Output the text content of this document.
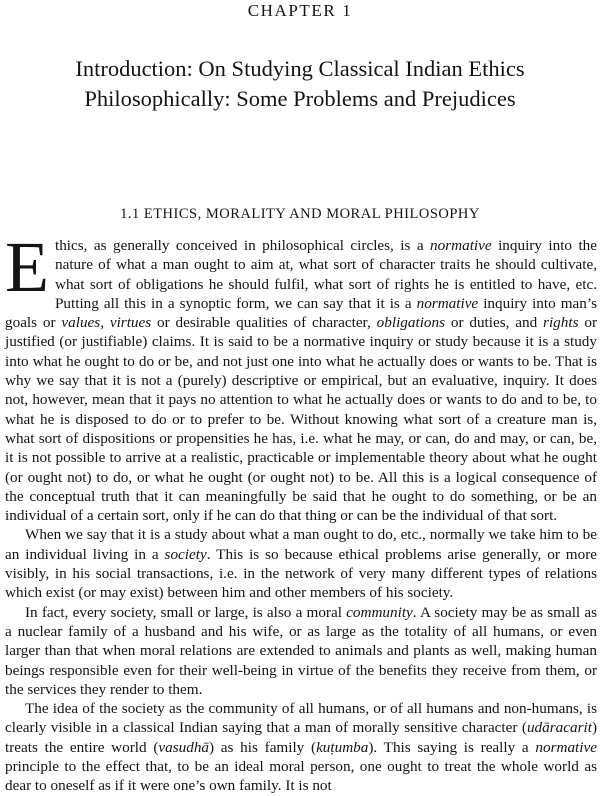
CHAPTER 1
Introduction: On Studying Classical Indian Ethics
Philosophically: Some Problems and Prejudices
1.1 ETHICS, MORALITY AND MORAL PHILOSOPHY

Ethics, as generally conceived in philosophical circles, is a normative inquiry into the nature of what a man ought to aim at, what sort of character traits he should cultivate, what sort of obligations he should fulfil, what sort of rights he is entitled to have, etc. Putting all this in a synoptic form, we can say that it is a normative inquiry into man’s goals or values, virtues or desirable qualities of character, obligations or duties, and rights or justified (or justifiable) claims. It is said to be a normative inquiry or study because it is a study into what he ought to do or be, and not just one into what he actually does or wants to be. That is why we say that it is not a (purely) descriptive or empirical, but an evaluative, inquiry. It does not, however, mean that it pays no attention to what he actually does or wants to do and to be, to what he is disposed to do or to prefer to be. Without knowing what sort of a creature man is, what sort of dispositions or propensities he has, i.e. what he may, or can, do and may, or can, be, it is not possible to arrive at a realistic, practicable or implementable theory about what he ought (or ought not) to do, or what he ought (or ought not) to be. All this is a logical consequence of the conceptual truth that it can meaningfully be said that he ought to do something, or be an individual of a certain sort, only if he can do that thing or can be the individual of that sort.

When we say that it is a study about what a man ought to do, etc., normally we take him to be an individual living in a society. This is so because ethical problems arise generally, or more visibly, in his social transactions, i.e. in the network of very many different types of relations which exist (or may exist) between him and other members of his society.

In fact, every society, small or large, is also a moral community. A society may be as small as a nuclear family of a husband and his wife, or as large as the totality of all humans, or even larger than that when moral relations are extended to animals and plants as well, making human beings responsible even for their well-being in virtue of the benefits they receive from them, or the services they render to them.

The idea of the society as the community of all humans, or of all humans and non-humans, is clearly visible in a classical Indian saying that a man of morally sensitive character (udāracarit) treats the entire world (vasudhā) as his family (kuṭumba). This saying is really a normative principle to the effect that, to be an ideal moral person, one ought to treat the whole world as dear to oneself as if it were one’s own family. It is not
